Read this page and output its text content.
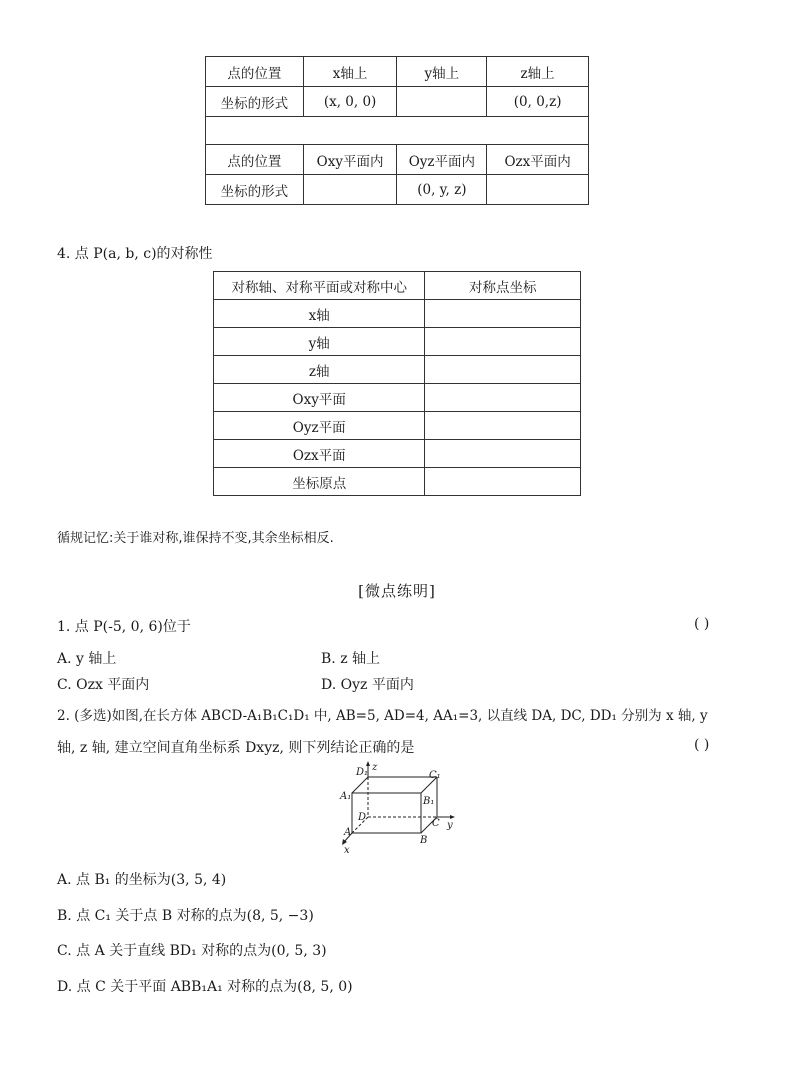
点的位置	x轴上	y轴上	z轴上
坐标的形式	(x, 0, 0)		(0, 0,z)

点的位置	Oxy平面内	Oyz平面内	Ozx平面内
坐标的形式		(0, y, z)	
4. 点 P(a, b, c)的对称性
对称轴、对称平面或对称中心	对称点坐标
x轴	
y轴	
z轴	
Oxy平面	
Oyz平面	
Ozx平面	
坐标原点	
循规记忆:关于谁对称,谁保持不变,其余坐标相反.
[微点练明]
1. 点 P(-5, 0, 6)位于	( )
A. y 轴上	B. z 轴上
C. Ozx 平面内	D. Oyz 平面内
2. (多选)如图,在长方体 ABCD-A₁B₁C₁D₁ 中, AB=5, AD=4, AA₁=3, 以直线 DA, DC, DD₁ 分别为 x 轴, y
轴, z 轴, 建立空间直角坐标系 Dxyz, 则下列结论正确的是	( )
D₁ z
C₁
A₁	B₁
D
C y
A
B
x
A. 点 B₁ 的坐标为(3, 5, 4)
B. 点 C₁ 关于点 B 对称的点为(8, 5, −3)
C. 点 A 关于直线 BD₁ 对称的点为(0, 5, 3)
D. 点 C 关于平面 ABB₁A₁ 对称的点为(8, 5, 0)
